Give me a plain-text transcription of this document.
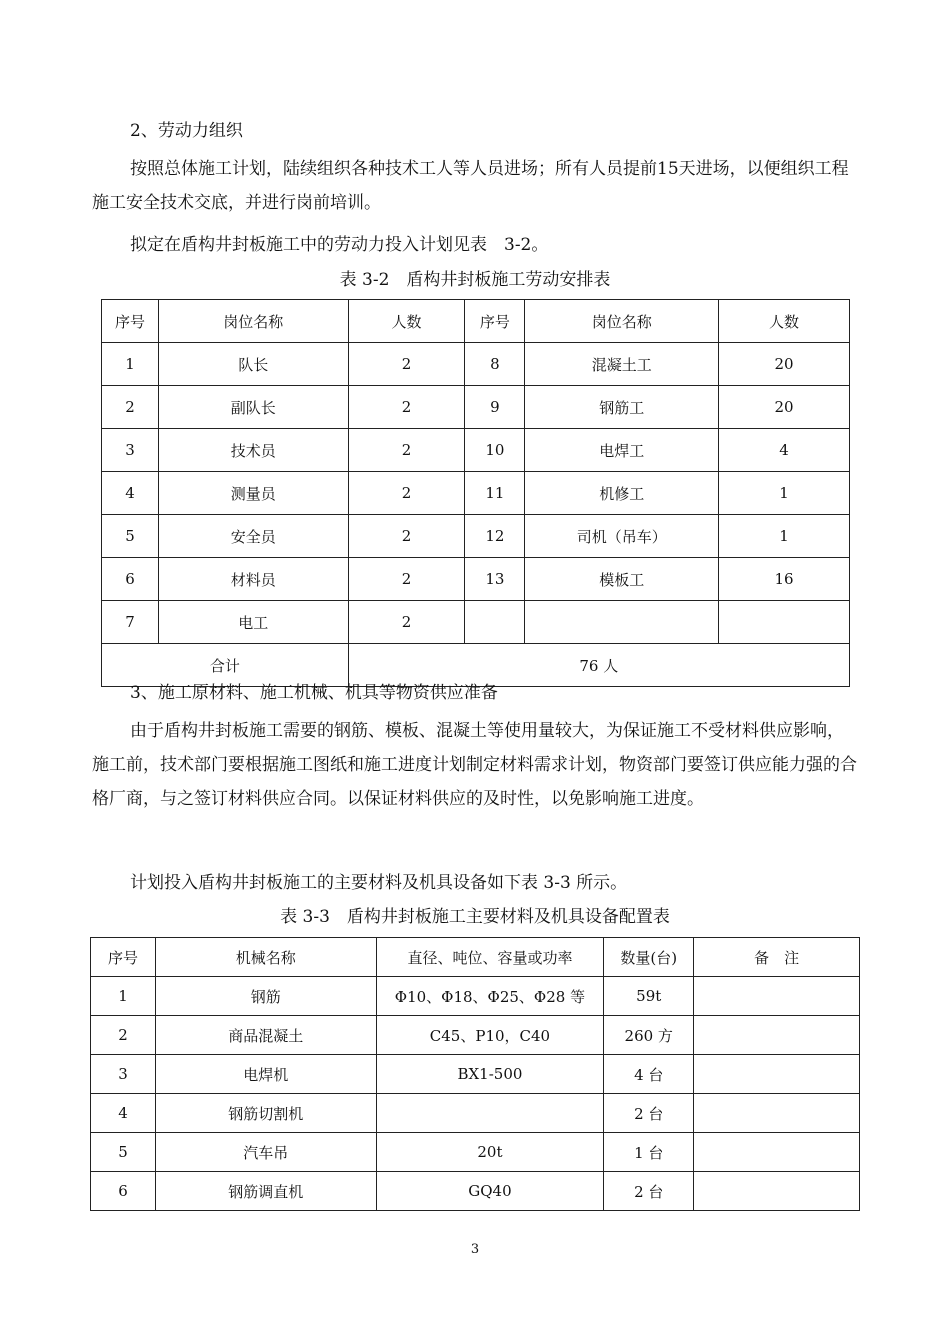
2、劳动力组织

按照总体施工计划，陆续组织各种技术工人等人员进场；所有人员提前15天进场，以便组织工程施工安全技术交底，并进行岗前培训。

拟定在盾构井封板施工中的劳动力投入计划见表　3-2。

表 3-2　盾构井封板施工劳动安排表
序号	岗位名称	人数	序号	岗位名称	人数
1	队长	2	8	混凝土工	20
2	副队长	2	9	钢筋工	20
3	技术员	2	10	电焊工	4
4	测量员	2	11	机修工	1
5	安全员	2	12	司机（吊车）	1
6	材料员	2	13	模板工	16
7	电工	2			
合计		76 人			

3、施工原材料、施工机械、机具等物资供应准备

由于盾构井封板施工需要的钢筋、模板、混凝土等使用量较大，为保证施工不受材料供应影响，施工前，技术部门要根据施工图纸和施工进度计划制定材料需求计划，物资部门要签订供应能力强的合格厂商，与之签订材料供应合同。以保证材料供应的及时性，以免影响施工进度。

计划投入盾构井封板施工的主要材料及机具设备如下表 3-3 所示。

表 3-3　盾构井封板施工主要材料及机具设备配置表
序号	机械名称	直径、吨位、容量或功率	数量(台)	备　注
1	钢筋	Φ10、Φ18、Φ25、Φ28 等	59t	
2	商品混凝土	C45、P10，C40	260 方	
3	电焊机	BX1-500	4 台	
4	钢筋切割机		2 台	
5	汽车吊	20t	1 台	
6	钢筋调直机	GQ40	2 台	
3
